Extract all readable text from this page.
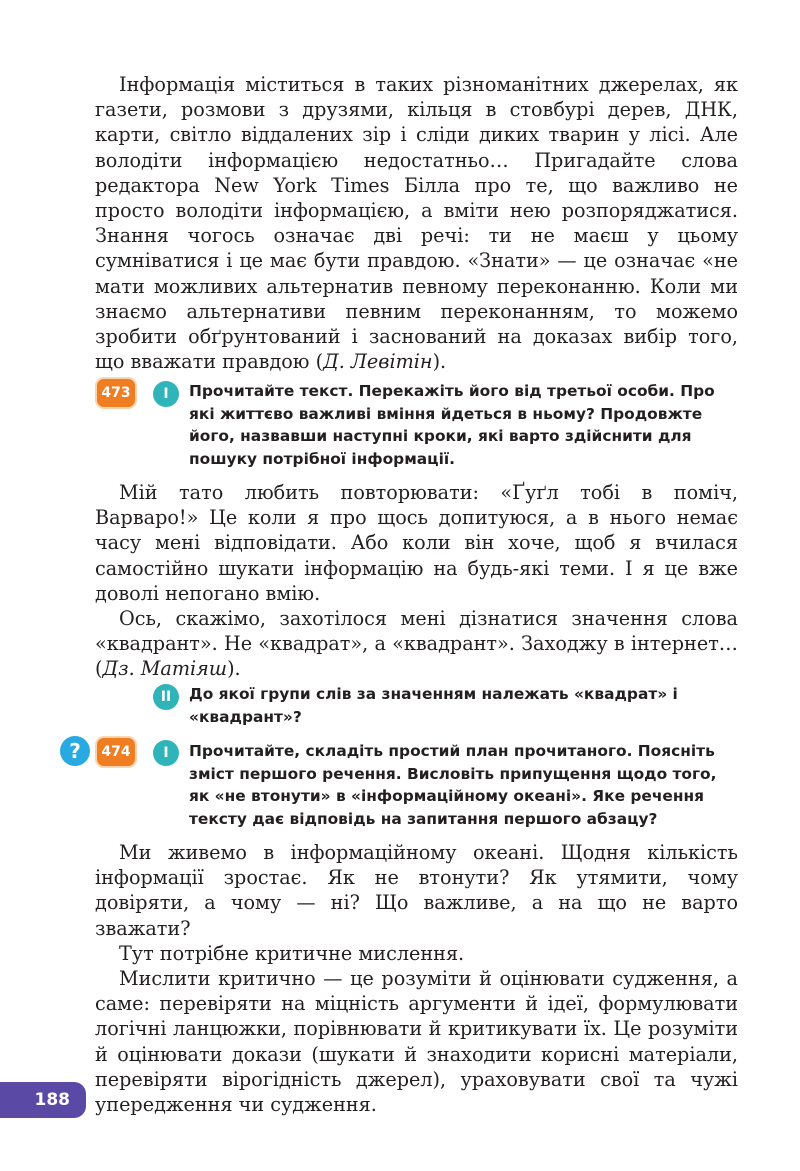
Інформація міститься в таких різноманітних джерелах, як газети, розмови з друзями, кільця в стовбурі дерев, ДНК, карти, світло віддалених зір і сліди диких тварин у лісі. Але володіти інформацією недостатньо… Пригадайте слова редактора New York Times Білла про те, що важливо не просто володіти інформацією, а вміти нею розпоряджатися. Знання чогось означає дві речі: ти не маєш у цьому сумніватися і це має бути правдою. «Знати» — це означає «не мати можливих альтернатив певному переконанню. Коли ми знаємо альтернативи певним переконанням, то можемо зробити обґрунтований і заснований на доказах вибір того, що вважати правдою (Д. Левітін).

473	I	Прочитайте текст. Перекажіть його від третьої особи. Про які життєво важливі вміння йдеться в ньому? Продовжте його, назвавши наступні кроки, які варто здійснити для пошуку потрібної інформації.

Мій тато любить повторювати: «Ґуґл тобі в поміч, Варваро!» Це коли я про щось допитуюся, а в нього немає часу мені відповідати. Або коли він хоче, щоб я вчилася самостійно шукати інформацію на будь-які теми. І я це вже доволі непогано вмію.

Ось, скажімо, захотілося мені дізнатися значення слова «квадрант». Не «квадрат», а «квадрант». Заходжу в інтернет… (Дз. Матіяш).

II	До якої групи слів за значенням належать «квадрат» і «квадрант»?

?	474	I	Прочитайте, складіть простий план прочитаного. Поясніть зміст першого речення. Висловіть припущення щодо того, як «не втонути» в «інформаційному океані». Яке речення тексту дає відповідь на запитання першого абзацу?

Ми живемо в інформаційному океані. Щодня кількість інформації зростає. Як не втонути? Як утямити, чому довіряти, а чому — ні? Що важливе, а на що не варто зважати?

Тут потрібне критичне мислення.

Мислити критично — це розуміти й оцінювати судження, а саме: перевіряти на міцність аргументи й ідеї, формулювати логічні ланцюжки, порівнювати й критикувати їх. Це розуміти й оцінювати докази (шукати й знаходити корисні матеріали, перевіряти вірогідність джерел), ураховувати свої та чужі упередження чи судження.

188
